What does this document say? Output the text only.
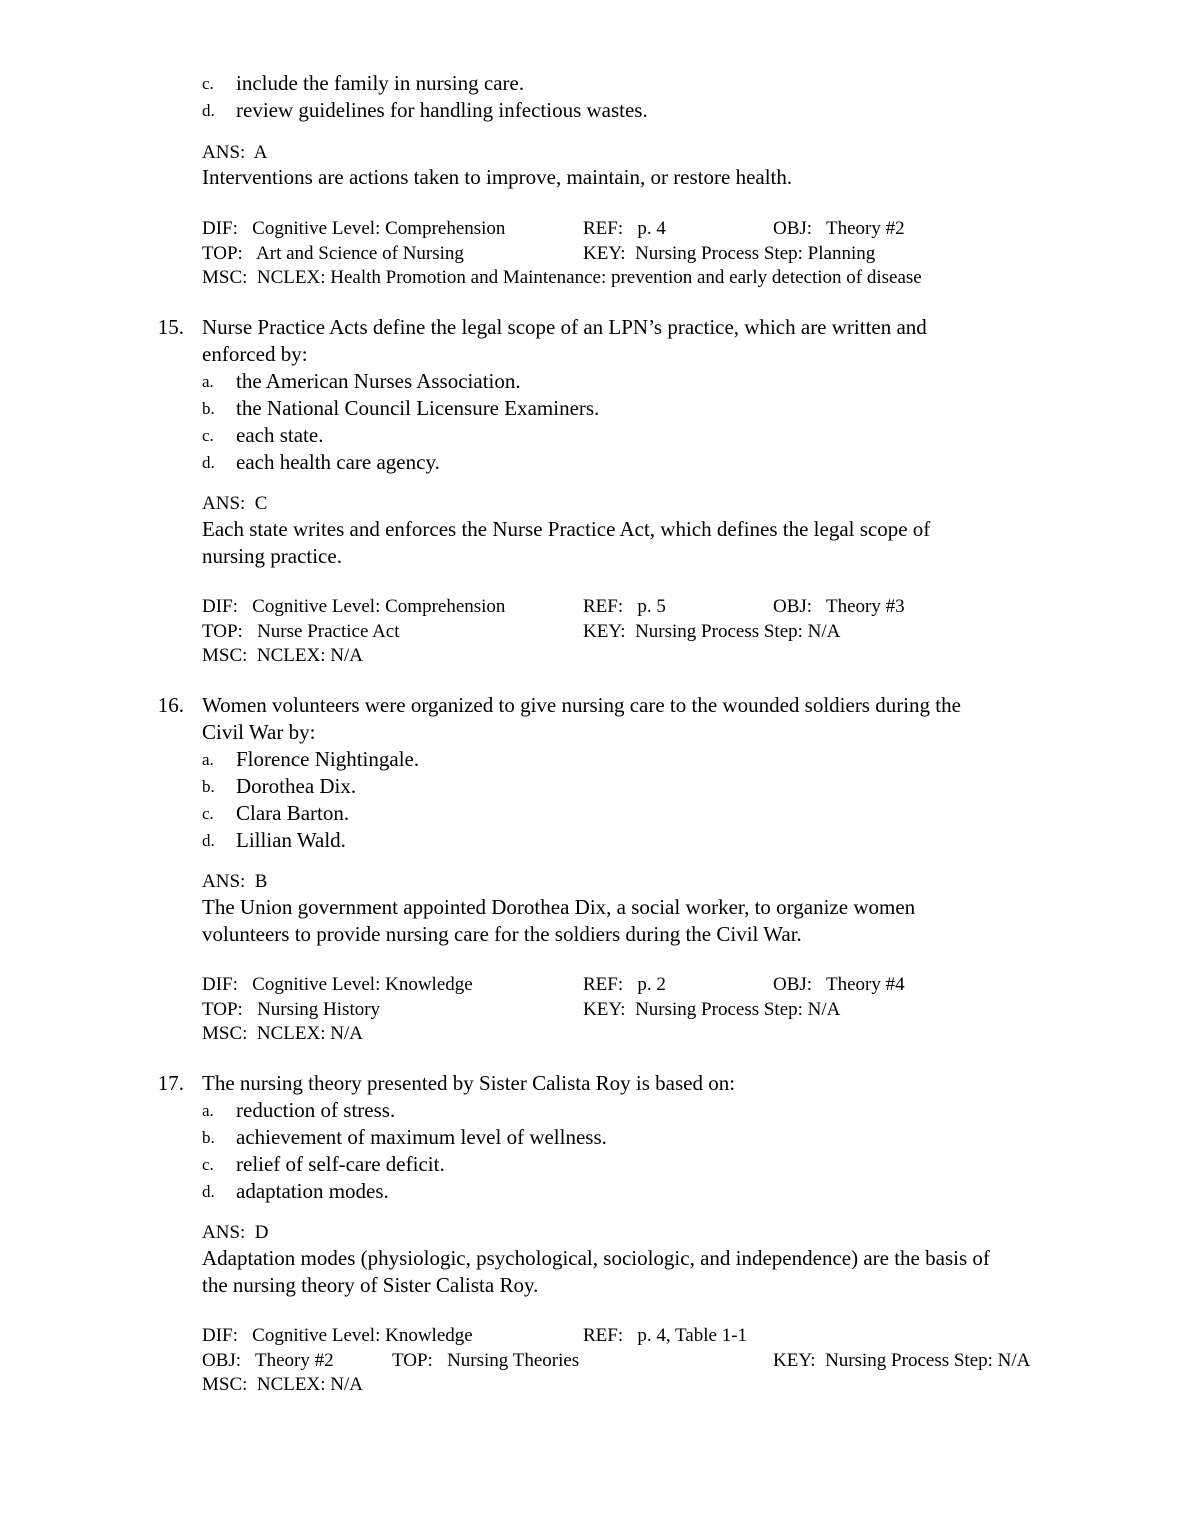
c. include the family in nursing care.
d. review guidelines for handling infectious wastes.
ANS:  A
Interventions are actions taken to improve, maintain, or restore health.
DIF:   Cognitive Level: Comprehension	REF:   p. 4	OBJ:   Theory #2
TOP:   Art and Science of Nursing	KEY:  Nursing Process Step: Planning
MSC:  NCLEX: Health Promotion and Maintenance: prevention and early detection of disease
15. Nurse Practice Acts define the legal scope of an LPN’s practice, which are written and
enforced by:
a. the American Nurses Association.
b. the National Council Licensure Examiners.
c. each state.
d. each health care agency.
ANS:  C
Each state writes and enforces the Nurse Practice Act, which defines the legal scope of
nursing practice.
DIF:   Cognitive Level: Comprehension	REF:   p. 5	OBJ:   Theory #3
TOP:   Nurse Practice Act	KEY:  Nursing Process Step: N/A
MSC:  NCLEX: N/A
16. Women volunteers were organized to give nursing care to the wounded soldiers during the
Civil War by:
a. Florence Nightingale.
b. Dorothea Dix.
c. Clara Barton.
d. Lillian Wald.
ANS:  B
The Union government appointed Dorothea Dix, a social worker, to organize women
volunteers to provide nursing care for the soldiers during the Civil War.
DIF:   Cognitive Level: Knowledge	REF:   p. 2	OBJ:   Theory #4
TOP:   Nursing History	KEY:  Nursing Process Step: N/A
MSC:  NCLEX: N/A
17. The nursing theory presented by Sister Calista Roy is based on:
a. reduction of stress.
b. achievement of maximum level of wellness.
c. relief of self-care deficit.
d. adaptation modes.
ANS:  D
Adaptation modes (physiologic, psychological, sociologic, and independence) are the basis of
the nursing theory of Sister Calista Roy.
DIF:   Cognitive Level: Knowledge	REF:   p. 4, Table 1-1
OBJ:   Theory #2	TOP:   Nursing Theories	KEY:  Nursing Process Step: N/A
MSC:  NCLEX: N/A
